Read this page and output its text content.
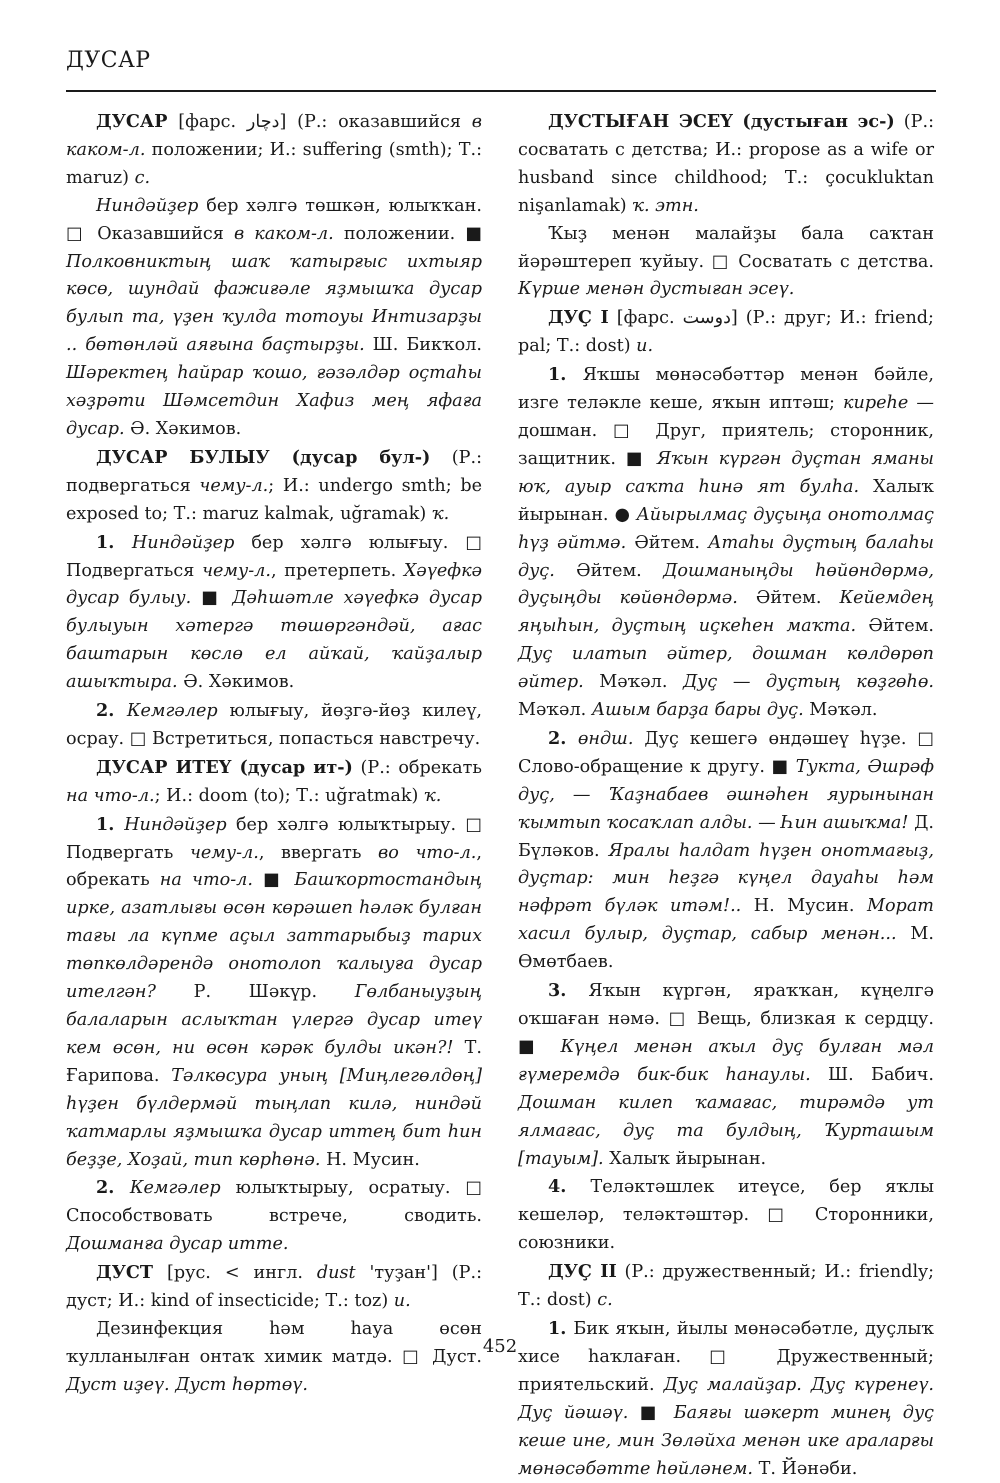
ДУСАР

ДУСАР [фарс. دچار] (Р.: оказавшийся в каком-л. положении; И.: suffering (smth); Т.: maruz) с.

Ниндәйҙер бер хәлгә төшкән, юлыҡҡан. □ Оказавшийся в каком-л. положении. ■ Полковниктың шаҡ ҡатырғыс ихтыяр көсө, шундай фажиғәле яҙмышҡа дусар булып та, үҙен ҡулда тотоуы Интизарҙы .. бөтөнләй аяғына баҫтырҙы. Ш. Бикҡол. Шәректең һайрар ҡошо, ғәзәлдәр оҫтаһы хәҙрәти Шәмсетдин Хафиз мең яфаға дусар. Ә. Хәкимов.

ДУСАР БУЛЫУ (дусар бул-) (Р.: подвергаться чему-л.; И.: undergo smth; be exposed to; Т.: maruz kalmak, uğramak) ҡ.

1. Ниндәйҙер бер хәлгә юлығыу. □ Подвергаться чему-л., претерпеть. Хәүефкә дусар булыу. ■ Дәһшәтле хәүефкә дусар булыуын хәтергә төшөргәндәй, ағас баштарын көслө ел айҡай, ҡайҙалыр ашыҡтыра. Ә. Хәкимов.

2. Кемгәлер юлығыу, йөҙгә-йөҙ килеү, осрау. □ Встретиться, попасться навстречу.

ДУСАР ИТЕҮ (дусар ит-) (Р.: обрекать на что-л.; И.: doom (to); Т.: uğratmak) ҡ.

1. Ниндәйҙер бер хәлгә юлыҡтырыу. □ Подвергать чему-л., ввергать во что-л., обрекать на что-л. ■ Башҡортостандың ирке, азатлығы өсөн көрәшеп һәләк булған тағы ла күпме аҫыл заттарыбыҙ тарих төпкөлдәрендә онотолоп ҡалыуға дусар ителгән? Р. Шәкүр. Гөлбаныуҙың балаларын аслыҡтан үлергә дусар итеү кем өсөн, ни өсөн кәрәк булды икән?! Т. Ғарипова. Тәлкөсура уның [Миңлегөлдөң] һүҙен бүлдермәй тыңлап килә, ниндәй ҡатмарлы яҙмышҡа дусар иттең бит һин беҙҙе, Хоҙай, тип көрһөнә. Н. Мусин.

2. Кемгәлер юлыҡтырыу, осратыу. □ Способствовать встрече, сводить. Дошманға дусар итте.

ДУСТ [рус. < ингл. dust 'туҙан'] (Р.: дуст; И.: kind of insecticide; Т.: toz) и.

Дезинфекция һәм һауа өсөн ҡулланылған онтаҡ химик матдә. □ Дуст. Дуст иҙеү. Дуст һөртөү.

ДУСТЫҒАН ЭСЕҮ (дустыған эс-) (Р.: сосватать с детства; И.: propose as a wife or husband since childhood; Т.: çocukluktan nişanlamak) ҡ. этн.

Ҡыҙ менән малайҙы бала саҡтан йәрәштереп ҡуйыу. □ Сосватать с детства. Күрше менән дустыған эсеү.

ДУҪ I [фарс. دوست] (Р.: друг; И.: friend; pal; Т.: dost) и.

1. Яҡшы мөнәсәбәттәр менән бәйле, изге теләкле кеше, яҡын иптәш; киреһе — дошман. □ Друг, приятель; сторонник, защитник. ■ Яҡын күргән дуҫтан яманы юҡ, ауыр саҡта һинә ят булһа. Халыҡ йырынан. ● Айырылмаҫ дуҫыңа онотолмаҫ һүҙ әйтмә. Әйтем. Атаһы дуҫтың балаһы дуҫ. Әйтем. Дошманыңды һөйөндөрмә, дуҫыңды көйөндөрмә. Әйтем. Кейемдең яңыһын, дуҫтың иҫкеһен маҡта. Әйтем. Дуҫ илатып әйтер, дошман көлдөрөп әйтер. Мәҡәл. Дуҫ — дуҫтың көҙгөһө. Мәҡәл. Ашым барҙа бары дуҫ. Мәҡәл.

2. өндш. Дуҫ кешегә өндәшеү һүҙе. □ Слово-обращение к другу. ■ Тукта, Әшрәф дуҫ, — Ҡаҙнабаев әшнәһен яурынынан ҡымтып ҡосаҡлап алды. — Һин ашыҡма! Д. Бүләков. Яралы һалдат һүҙен онотмағыҙ, дуҫтар: мин һеҙгә күңел дауаһы һәм нәфрәт бүләк итәм!.. Н. Мусин. Морат хасил булыр, дуҫтар, сабыр менән... М. Өмөтбаев.

3. Яҡын күргән, яраҡҡан, күңелгә оҡшаған нәмә. □ Вещь, близкая к сердцу. ■ Күңел менән аҡыл дуҫ булған мәл ғүмеремдә бик-бик һанаулы. Ш. Бабич. Дошман килеп ҡамағас, тирәмдә ут ялмағас, дуҫ та булдың, Ҡурташым [тауым]. Халыҡ йырынан.

4. Теләктәшлек итеүсе, бер яҡлы кешеләр, теләктәштәр. □ Сторонники, союзники.

ДУҪ II (Р.: дружественный; И.: friendly; Т.: dost) с.

1. Бик яҡын, йылы мөнәсәбәтле, дуҫлыҡ хисе һаҡлаған. □ Дружественный; приятельский. Дуҫ малайҙар. Дуҫ күренеү. Дуҫ йәшәү. ■ Баяғы шәкерт минең дуҫ кеше ине, мин Зөләйха менән ике араларғы мөнәсәбәтте һөйләнем. Т. Йәнәби.

452
